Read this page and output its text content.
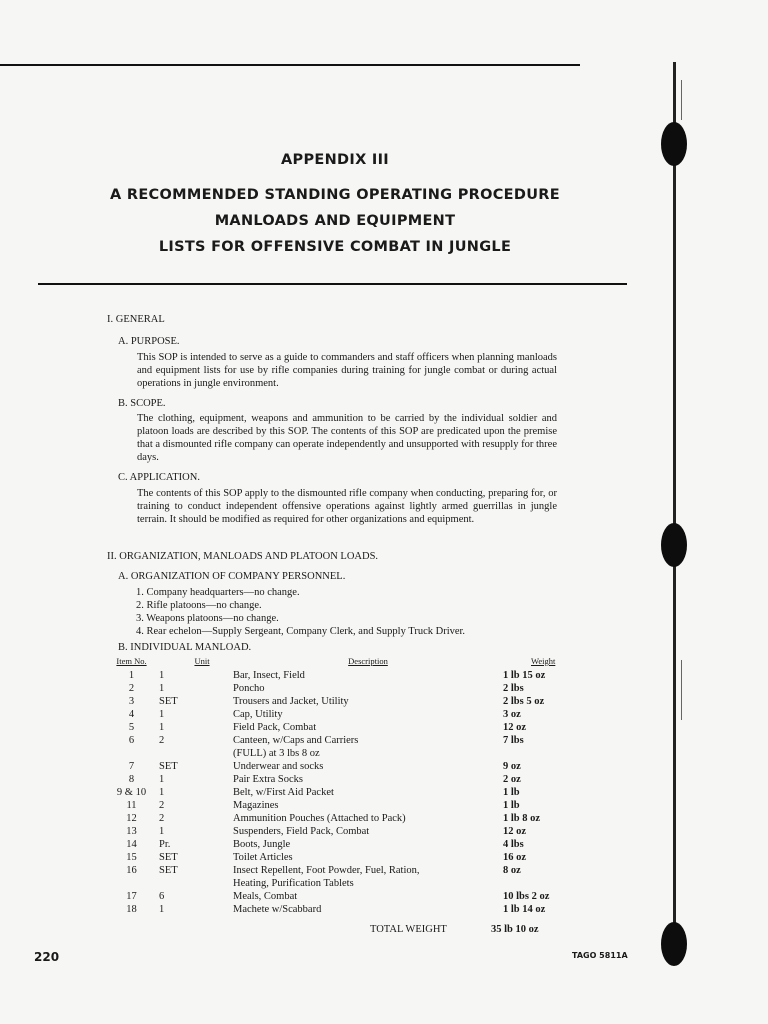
APPENDIX III
A RECOMMENDED STANDING OPERATING PROCEDURE
MANLOADS AND EQUIPMENT
LISTS FOR OFFENSIVE COMBAT IN JUNGLE
I. GENERAL
A. PURPOSE.
This SOP is intended to serve as a guide to commanders and staff officers when planning manloads and equipment lists for use by rifle companies during training for jungle combat or during actual operations in jungle environment.
B. SCOPE.
The clothing, equipment, weapons and ammunition to be carried by the individual soldier and platoon loads are described by this SOP. The contents of this SOP are predicated upon the premise that a dismounted rifle company can operate independently and unsupported with resupply for three days.
C. APPLICATION.
The contents of this SOP apply to the dismounted rifle company when conducting, preparing for, or training to conduct independent offensive operations against lightly armed guerrillas in jungle terrain. It should be modified as required for other organizations and equipment.
II. ORGANIZATION, MANLOADS AND PLATOON LOADS.
A. ORGANIZATION OF COMPANY PERSONNEL.
1. Company headquarters—no change.
2. Rifle platoons—no change.
3. Weapons platoons—no change.
4. Rear echelon—Supply Sergeant, Company Clerk, and Supply Truck Driver.
B. INDIVIDUAL MANLOAD.
Item No.	Unit	Description	Weight
1	1	Bar, Insect, Field	1 lb 15 oz
2	1	Poncho	2 lbs
3	SET	Trousers and Jacket, Utility	2 lbs 5 oz
4	1	Cap, Utility	3 oz
5	1	Field Pack, Combat	12 oz
6	2	Canteen, w/Caps and Carriers
(FULL) at 3 lbs 8 oz	7 lbs
7	SET	Underwear and socks	9 oz
8	1	Pair Extra Socks	2 oz
9 & 10	1	Belt, w/First Aid Packet	1 lb
11	2	Magazines	1 lb
12	2	Ammunition Pouches (Attached to Pack)	1 lb 8 oz
13	1	Suspenders, Field Pack, Combat	12 oz
14	Pr.	Boots, Jungle	4 lbs
15	SET	Toilet Articles	16 oz
16	SET	Insect Repellent, Foot Powder, Fuel, Ration,
Heating, Purification Tablets	8 oz
17	6	Meals, Combat	10 lbs 2 oz
18	1	Machete w/Scabbard	1 lb 14 oz
TOTAL WEIGHT	35 lb 10 oz
220	TAGO 5811A
